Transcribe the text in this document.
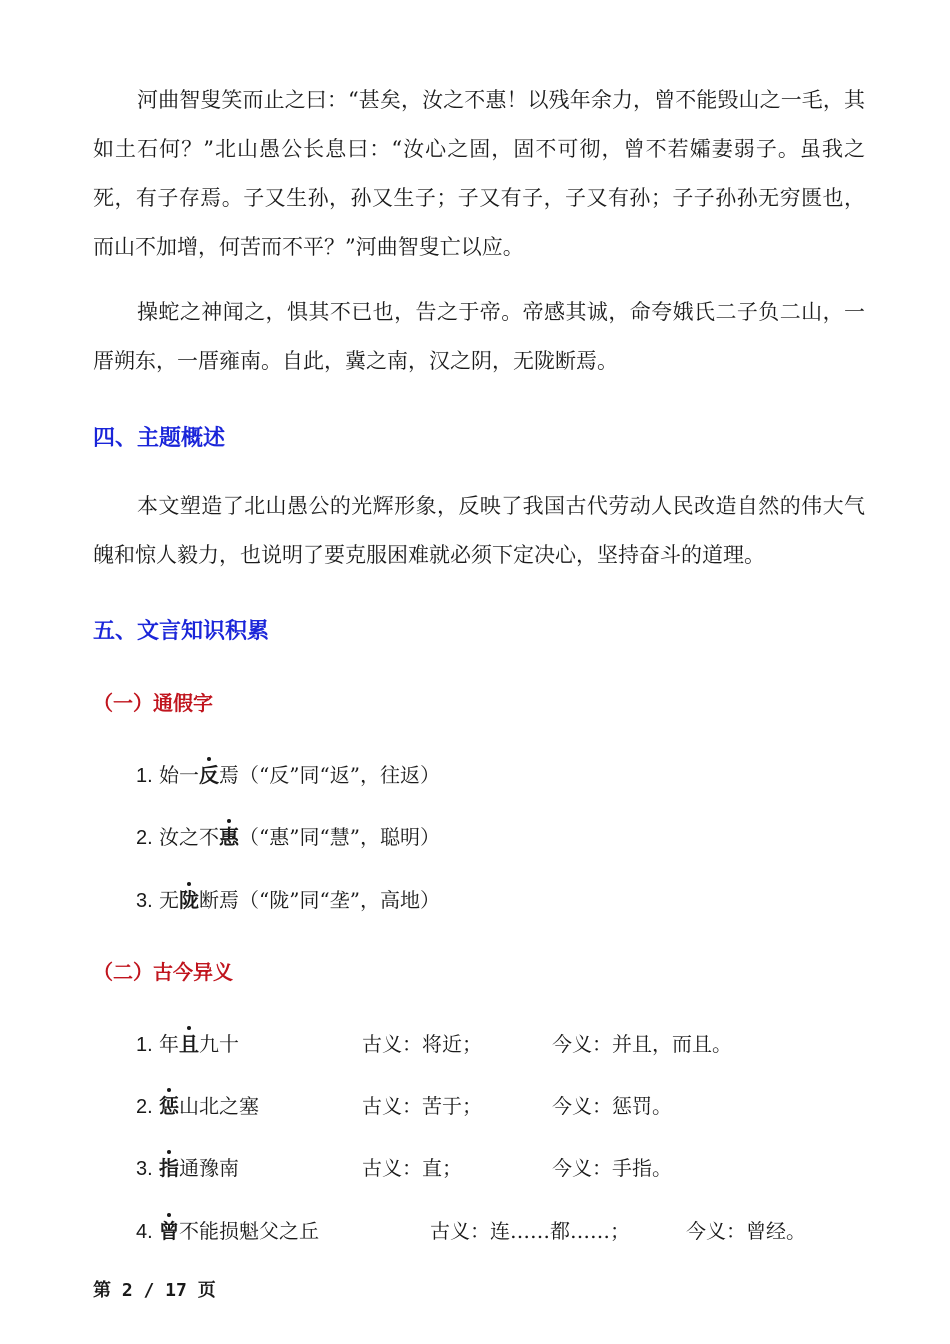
河曲智叟笑而止之曰：“甚矣，汝之不惠！以残年余力，曾不能毁山之一毛，其如土石何？”北山愚公长息曰：“汝心之固，固不可彻，曾不若孀妻弱子。虽我之死，有子存焉。子又生孙，孙又生子；子又有子，子又有孙；子子孙孙无穷匮也，而山不加增，何苦而不平？”河曲智叟亡以应。

操蛇之神闻之，惧其不已也，告之于帝。帝感其诚，命夸娥氏二子负二山，一厝朔东，一厝雍南。自此，冀之南，汉之阴，无陇断焉。

四、主题概述

本文塑造了北山愚公的光辉形象，反映了我国古代劳动人民改造自然的伟大气魄和惊人毅力，也说明了要克服困难就必须下定决心，坚持奋斗的道理。

五、文言知识积累
（一）通假字
1. 始一反焉（“反”同“返”，往返）
2. 汝之不惠（“惠”同“慧”，聪明）
3. 无陇断焉（“陇”同“垄”，高地）
（二）古今异义
1. 年且九十	古义：将近；	今义：并且，而且。
2. 惩山北之塞	古义：苦于；	今义：惩罚。
3. 指通豫南	古义：直；	今义：手指。
4. 曾不能损魁父之丘	古义：连……都……；	今义：曾经。
第 2 / 17 页
